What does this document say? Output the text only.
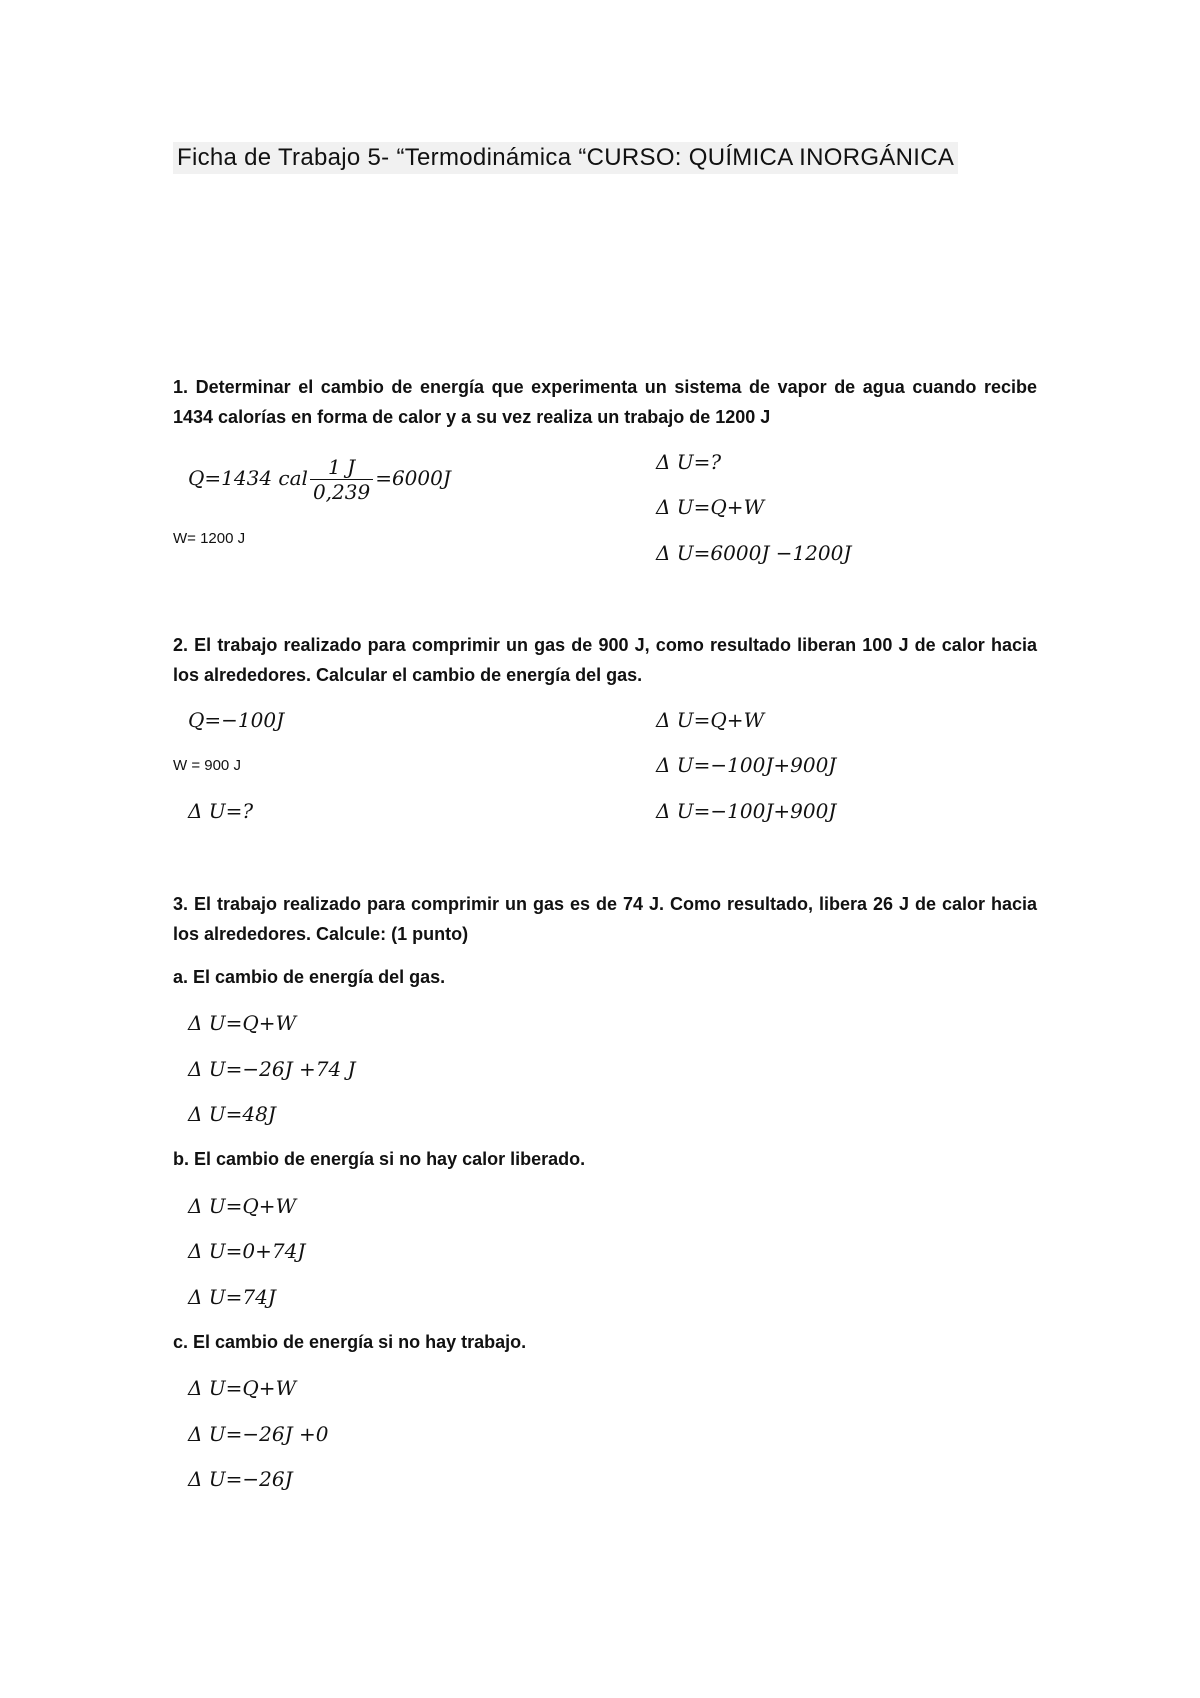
Ficha de Trabajo 5- “Termodinámica “CURSO: QUÍMICA INORGÁNICA
1. Determinar el cambio de energía que experimenta un sistema de vapor de agua cuando recibe 1434 calorías en forma de calor y a su vez realiza un trabajo de 1200 J
Q=1434 cal $\frac{1 J}{0,239} =6000J$
W= 1200 J
Δ U=?
Δ U=Q+W
Δ U=6000J −1200J
2. El trabajo realizado para comprimir un gas de 900 J, como resultado liberan 100 J de calor hacia los alrededores. Calcular el cambio de energía del gas.
Q=−100J
W = 900 J
Δ U=?
Δ U=Q+W
Δ U=−100J+900J
Δ U=−100J+900J
3. El trabajo realizado para comprimir un gas es de 74 J. Como resultado, libera 26 J de calor hacia los alrededores. Calcule: (1 punto)
a. El cambio de energía del gas.
Δ U=Q+W
Δ U=−26J +74 J
Δ U=48J
b. El cambio de energía si no hay calor liberado.
Δ U=Q+W
Δ U=0+74J
Δ U=74J
c. El cambio de energía si no hay trabajo.
Δ U=Q+W
Δ U=−26J +0
Δ U=−26J
